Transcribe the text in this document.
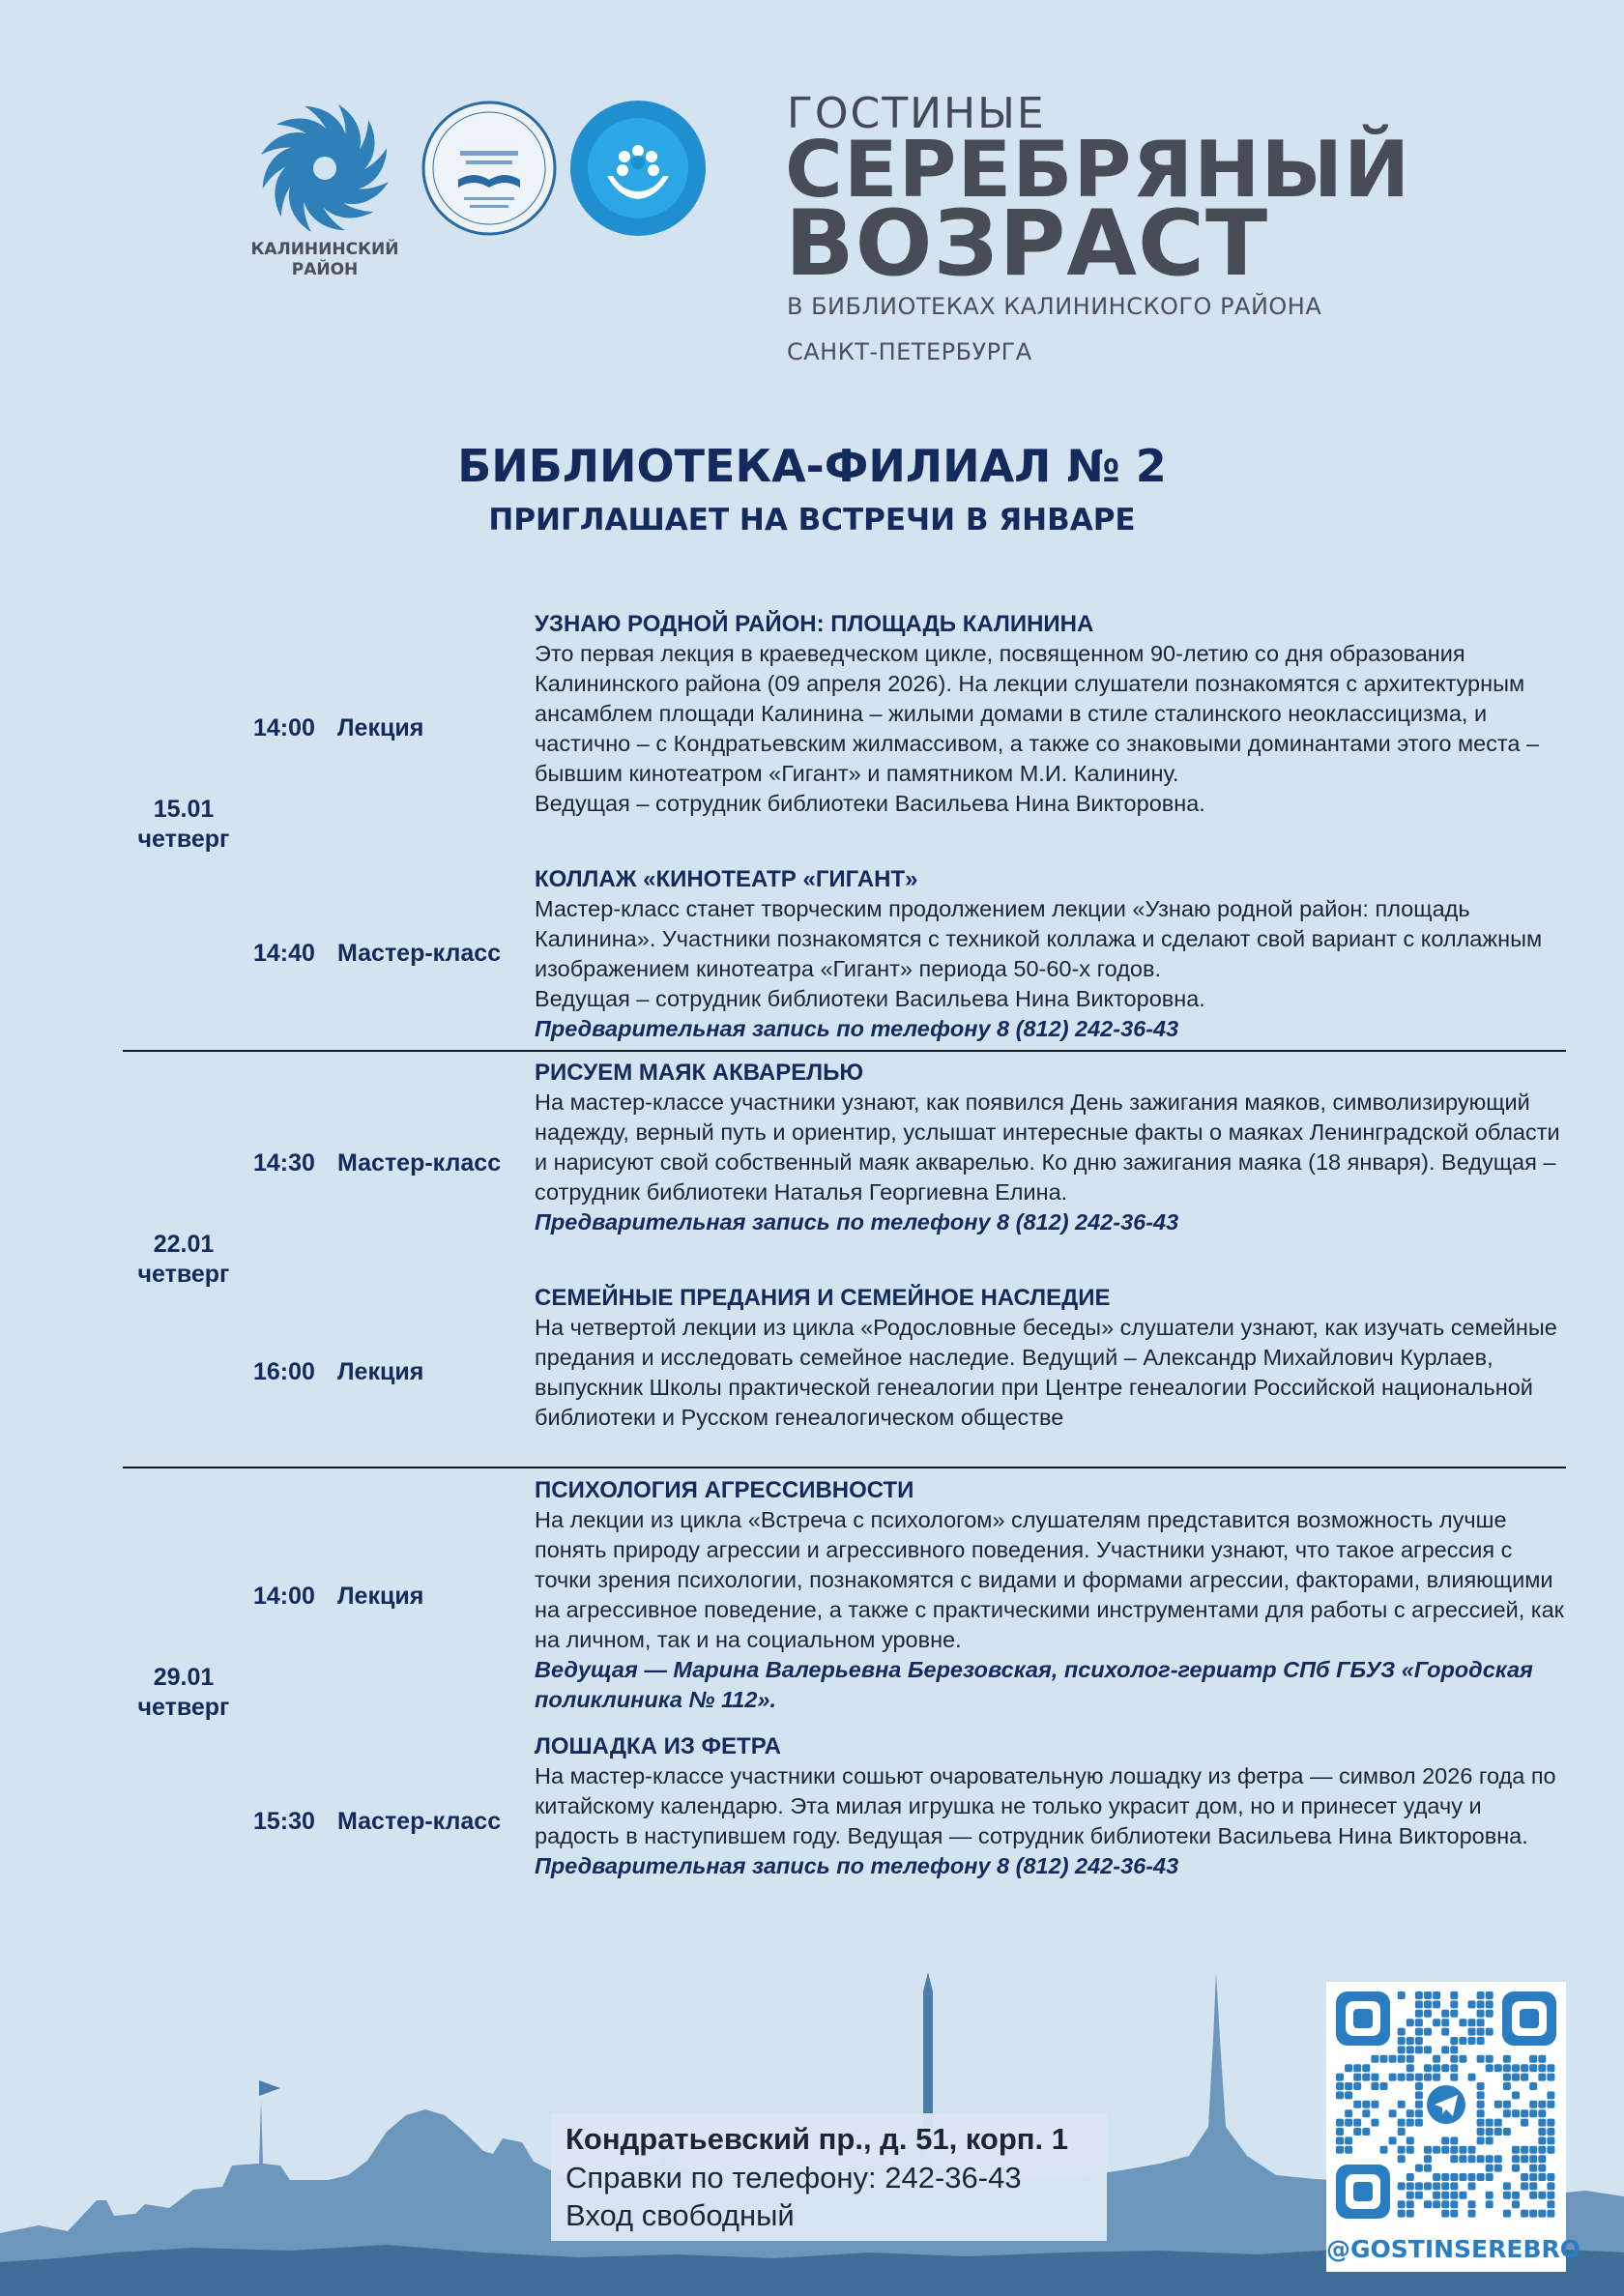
КАЛИНИНСКИЙ
РАЙОН
ГОСТИНЫЕ
СЕРЕБРЯНЫЙ
ВОЗРАСТ
В БИБЛИОТЕКАХ КАЛИНИНСКОГО РАЙОНА
САНКТ-ПЕТЕРБУРГА
БИБЛИОТЕКА-ФИЛИАЛ № 2
ПРИГЛАШАЕТ НА ВСТРЕЧИ В ЯНВАРЕ
15.01
четверг
14:00 Лекция
УЗНАЮ РОДНОЙ РАЙОН: ПЛОЩАДЬ КАЛИНИНА

Это первая лекция в краеведческом цикле, посвященном 90-летию со дня образования Калининского района (09 апреля 2026). На лекции слушатели познакомятся с архитектурным ансамблем площади Калинина – жилыми домами в стиле сталинского неоклассицизма, и частично – с Кондратьевским жилмассивом, а также со знаковыми доминантами этого места – бывшим кинотеатром «Гигант» и памятником М.И. Калинину.

Ведущая – сотрудник библиотеки Васильева Нина Викторовна.

14:40 Мастер-класс
КОЛЛАЖ «КИНОТЕАТР «ГИГАНТ»

Мастер-класс станет творческим продолжением лекции «Узнаю родной район: площадь Калинина». Участники познакомятся с техникой коллажа и сделают свой вариант с коллажным изображением кинотеатра «Гигант» периода 50-60-х годов.

Ведущая – сотрудник библиотеки Васильева Нина Викторовна.

Предварительная запись по телефону 8 (812) 242-36-43
22.01
четверг
14:30 Мастер-класс
РИСУЕМ МАЯК АКВАРЕЛЬЮ

На мастер-классе участники узнают, как появился День зажигания маяков, символизирующий надежду, верный путь и ориентир, услышат интересные факты о маяках Ленинградской области и нарисуют свой собственный маяк акварелью. Ко дню зажигания маяка (18 января). Ведущая – сотрудник библиотеки Наталья Георгиевна Елина.

Предварительная запись по телефону 8 (812) 242-36-43
16:00 Лекция
СЕМЕЙНЫЕ ПРЕДАНИЯ И СЕМЕЙНОЕ НАСЛЕДИЕ

На четвертой лекции из цикла «Родословные беседы» слушатели узнают, как изучать семейные предания и исследовать семейное наследие. Ведущий – Александр Михайлович Курлаев, выпускник Школы практической генеалогии при Центре генеалогии Российской национальной библиотеки и Русском генеалогическом обществе

29.01
четверг
14:00 Лекция
ПСИХОЛОГИЯ АГРЕССИВНОСТИ

На лекции из цикла «Встреча с психологом» слушателям представится возможность лучше понять природу агрессии и агрессивного поведения. Участники узнают, что такое агрессия с точки зрения психологии, познакомятся с видами и формами агрессии, факторами, влияющими на агрессивное поведение, а также с практическими инструментами для работы с агрессией, как на личном, так и на социальном уровне.

Ведущая — Марина Валерьевна Березовская, психолог-гериатр СПб ГБУЗ «Городская поликлиника № 112».
15:30 Мастер-класс
ЛОШАДКА ИЗ ФЕТРА

На мастер-классе участники сошьют очаровательную лошадку из фетра — символ 2026 года по китайскому календарю. Эта милая игрушка не только украсит дом, но и принесет удачу и радость в наступившем году. Ведущая — сотрудник библиотеки Васильева Нина Викторовна.

Предварительная запись по телефону 8 (812) 242-36-43
Кондратьевский пр., д. 51, корп. 1
Справки по телефону: 242-36-43
Вход свободный
@GOSTINSEREBRO
